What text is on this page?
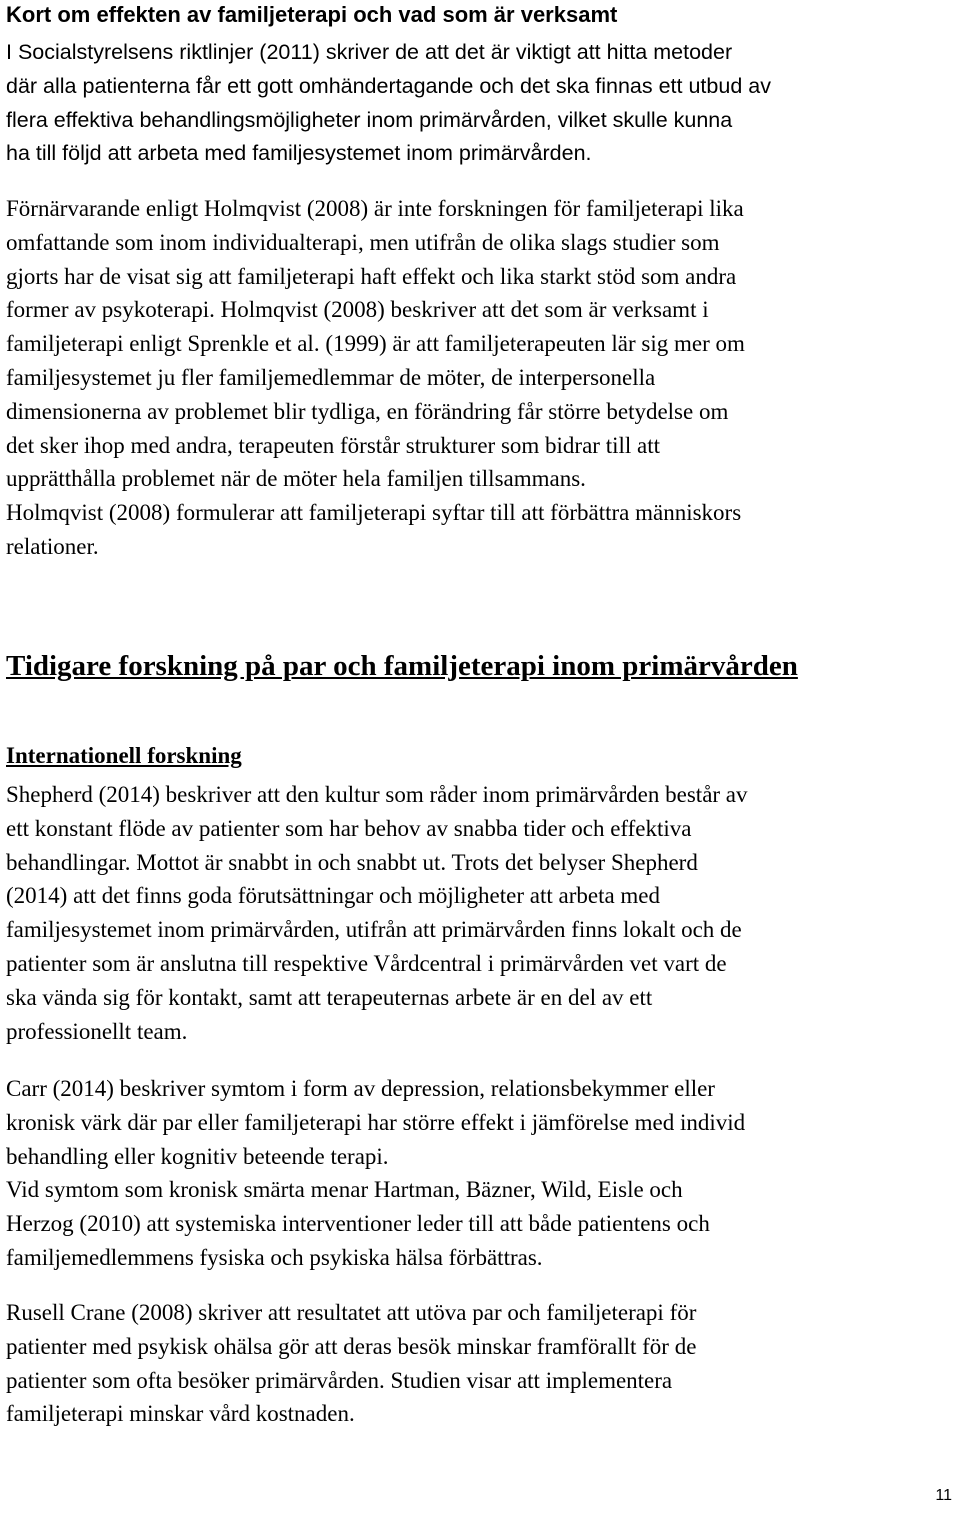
Kort om effekten av familjeterapi och vad som är verksamt

I Socialstyrelsens riktlinjer (2011) skriver de att det är viktigt att hitta metoder
där alla patienterna får ett gott omhändertagande och det ska finnas ett utbud av
flera effektiva behandlingsmöjligheter inom primärvården, vilket skulle kunna
ha till följd att arbeta med familjesystemet inom primärvården.

Förnärvarande enligt Holmqvist (2008) är inte forskningen för familjeterapi lika
omfattande som inom individualterapi, men utifrån de olika slags studier som
gjorts har de visat sig att familjeterapi haft effekt och lika starkt stöd som andra
former av psykoterapi. Holmqvist (2008) beskriver att det som är verksamt i
familjeterapi enligt Sprenkle et al. (1999) är att familjeterapeuten lär sig mer om
familjesystemet ju fler familjemedlemmar de möter, de interpersonella
dimensionerna av problemet blir tydliga, en förändring får större betydelse om
det sker ihop med andra, terapeuten förstår strukturer som bidrar till att
upprätthålla problemet när de möter hela familjen tillsammans.
Holmqvist (2008) formulerar att familjeterapi syftar till att förbättra människors
relationer.

Tidigare forskning på par och familjeterapi inom primärvården
Internationell forskning

Shepherd (2014) beskriver att den kultur som råder inom primärvården består av
ett konstant flöde av patienter som har behov av snabba tider och effektiva
behandlingar. Mottot är snabbt in och snabbt ut. Trots det belyser Shepherd
(2014) att det finns goda förutsättningar och möjligheter att arbeta med
familjesystemet inom primärvården, utifrån att primärvården finns lokalt och de
patienter som är anslutna till respektive Vårdcentral i primärvården vet vart de
ska vända sig för kontakt, samt att terapeuternas arbete är en del av ett
professionellt team.

Carr (2014) beskriver symtom i form av depression, relationsbekymmer eller
kronisk värk där par eller familjeterapi har större effekt i jämförelse med individ
behandling eller kognitiv beteende terapi.
Vid symtom som kronisk smärta menar Hartman, Bäzner, Wild, Eisle och
Herzog (2010) att systemiska interventioner leder till att både patientens och
familjemedlemmens fysiska och psykiska hälsa förbättras.

Rusell Crane (2008) skriver att resultatet att utöva par och familjeterapi för
patienter med psykisk ohälsa gör att deras besök minskar framförallt för de
patienter som ofta besöker primärvården. Studien visar att implementera
familjeterapi minskar vård kostnaden.

11
